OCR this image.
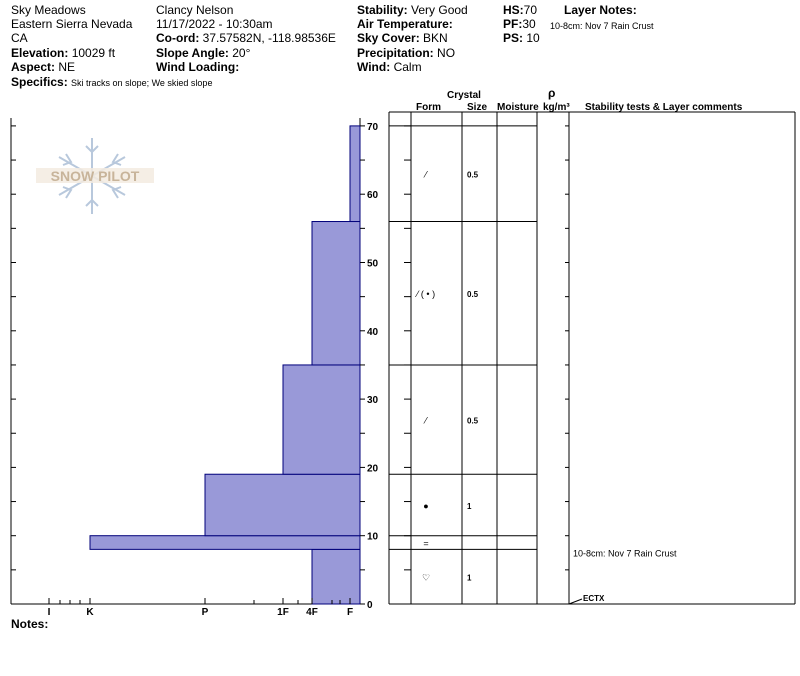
Sky Meadows
Eastern Sierra Nevada
CA
Elevation: 10029 ft
Aspect: NE
Specifics: Ski tracks on slope; We skied slope
Clancy Nelson
11/17/2022 - 10:30am
Co-ord: 37.57582N, -118.98536E
Slope Angle: 20°
Wind Loading:
Stability: Very Good
Air Temperature:
Sky Cover: BKN
Precipitation: NO
Wind: Calm
HS:70
PF:30
PS: 10
Layer Notes:
10-8cm: Nov 7 Rain Crust
Crystal
Form	Size Moisture
ρ
kg/m³ Stability tests & Layer comments
Notes:
SNOW PILOT
I	K	P	1F 4F	F
0
10
20
30
40
50
60
70
⁄	0.5
⁄ ( • )	0.5
⁄	0.5
●	1
=
♡	1
10-8cm: Nov 7 Rain Crust
ECTX
